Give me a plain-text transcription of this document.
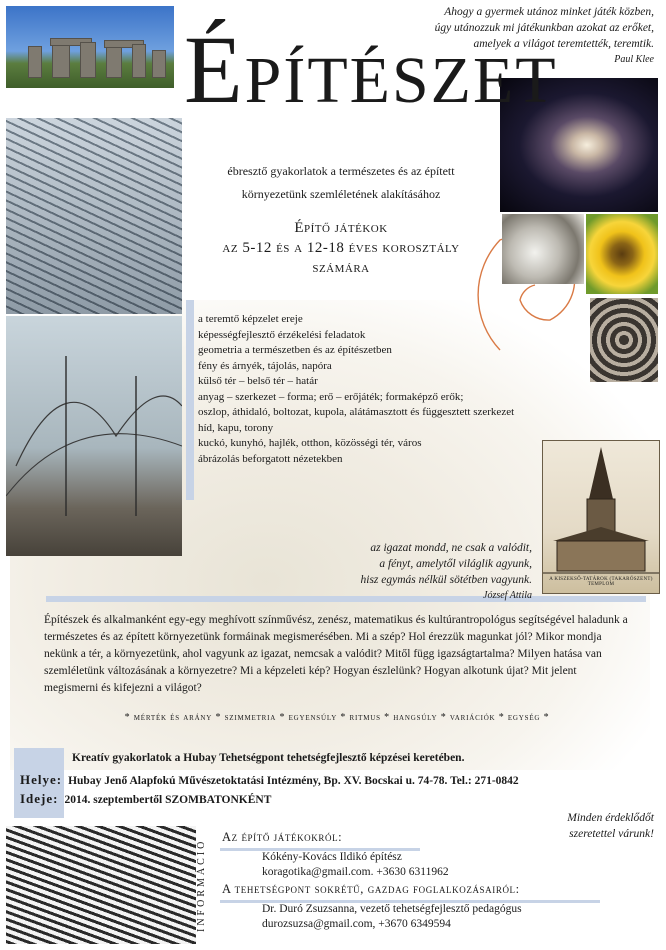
A KISZEKSŐ-TATÁROK (TAKARÓSZENT) TEMPLOM
Ahogy a gyermek utánoz minket játék közben,
úgy utánozzuk mi játékunkban azokat az erőket,
amelyek a világot teremtették, teremtik.
Paul Klee
ÉPÍTÉSZET
ébresztő gyakorlatok a természetes és az épített
környezetünk szemléletének alakításához
Építő játékok
az 5-12 és a 12-18 éves korosztály
számára
a teremtő képzelet ereje
képességfejlesztő érzékelési feladatok
geometria a természetben és az építészetben
fény és árnyék, tájolás, napóra
külső tér – belső tér – határ
anyag – szerkezet – forma; erő – erőjáték; formaképző erők;
oszlop, áthidaló, boltozat, kupola, alátámasztott és függesztett szerkezet
híd, kapu, torony
kuckó, kunyhó, hajlék, otthon, közösségi tér, város
ábrázolás beforgatott nézetekben
az igazat mondd, ne csak a valódit,
a fényt, amelytől világlik agyunk,
hisz egymás nélkül sötétben vagyunk.
József Attila
Építészek és alkalmanként egy-egy meghívott színművész, zenész, matematikus és kultúrantropológus segítségével haladunk a természetes és az épített környezetünk formáinak megismerésében. Mi a szép? Hol érezzük magunkat jól? Mikor mondja nekünk a tér, a környezetünk, ahol vagyunk az igazat, nemcsak a valódit? Mitől függ igazságtartalma? Milyen hatása van szemléletünk változásának a környezetre? Mi a képzeleti kép? Hogyan észlelünk? Hogyan alkotunk újat? Mit jelent megismerni és kifejezni a világot?
* mérték és arány * szimmetria * egyensúly * ritmus * hangsúly * variációk * egység *
Kreatív gyakorlatok a Hubay Tehetségpont tehetségfejlesztő képzései keretében.
Helye: Hubay Jenő Alapfokú Művészetoktatási Intézmény, Bp. XV. Bocskai u. 74-78. Tel.: 271-0842
Ideje: 2014. szeptembertől SZOMBATONKÉNT
Minden érdeklődőt
szeretettel várunk!
INFORMÁCIÓ
Az építő játékokról:
Kókény-Kovács Ildikó építész
koragotika@gmail.com. +3630 6311962
A tehetségpont sokrétű, gazdag foglalkozásairól:
Dr. Duró Zsuzsanna, vezető tehetségfejlesztő pedagógus
durozsuzsa@gmail.com, +3670 6349594
